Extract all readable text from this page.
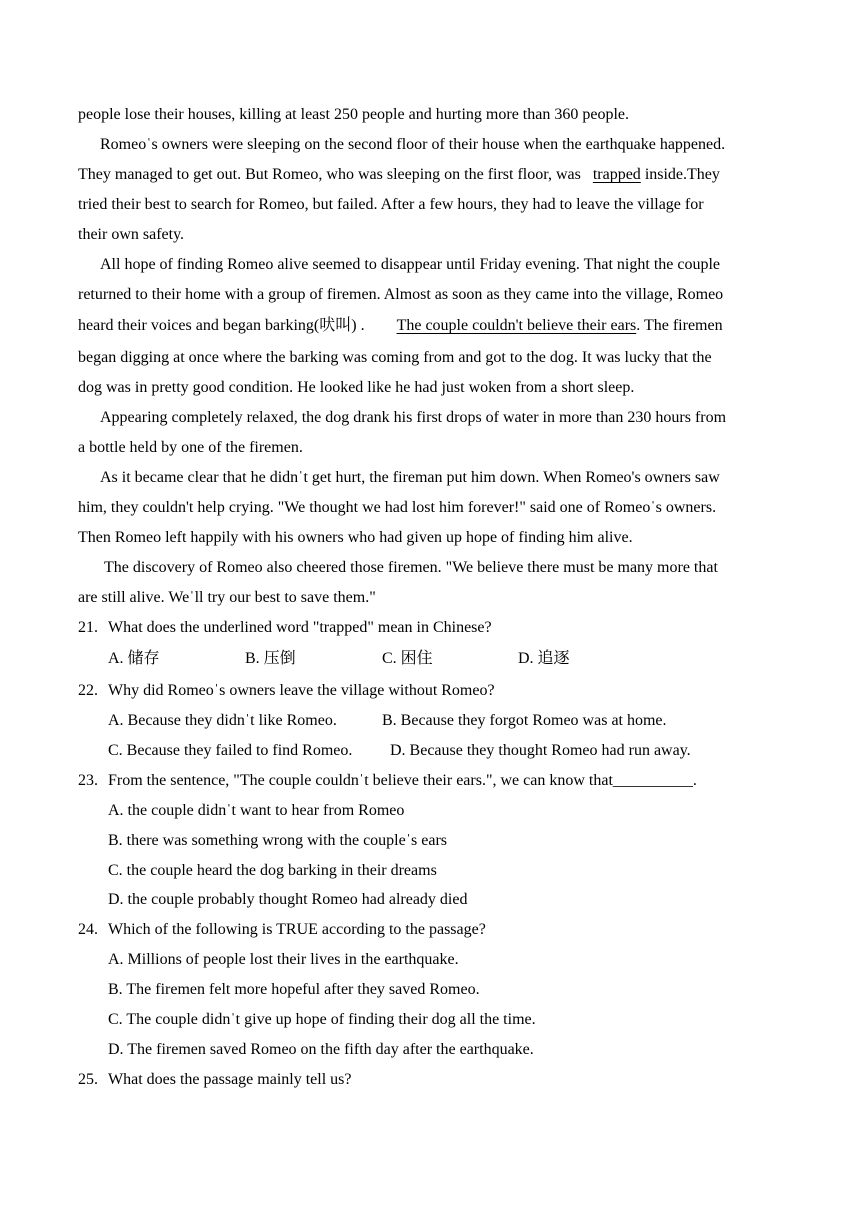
people lose their houses, killing at least 250 people and hurting more than 360 people.
Romeoˈs owners were sleeping on the second floor of their house when the earthquake happened.
They managed to get out. But Romeo, who was sleeping on the first floor, was trapped inside.They
tried their best to search for Romeo, but failed. After a few hours, they had to leave the village for
their own safety.
All hope of finding Romeo alive seemed to disappear until Friday evening. That night the couple
returned to their home with a group of firemen. Almost as soon as they came into the village, Romeo
heard their voices and began barking(吠叫) . The couple couldn't believe their ears. The firemen
began digging at once where the barking was coming from and got to the dog. It was lucky that the
dog was in pretty good condition. He looked like he had just woken from a short sleep.
Appearing completely relaxed, the dog drank his first drops of water in more than 230 hours from
a bottle held by one of the firemen.
As it became clear that he didnˈt get hurt, the fireman put him down. When Romeo's owners saw
him, they couldn't help crying. "We thought we had lost him forever!" said one of Romeoˈs owners.
Then Romeo left happily with his owners who had given up hope of finding him alive.
The discovery of Romeo also cheered those firemen. "We believe there must be many more that
are still alive. Weˈll try our best to save them."
21. What does the underlined word "trapped" mean in Chinese?
A. 储存	B. 压倒	C. 困住	D. 追逐
22. Why did Romeoˈs owners leave the village without Romeo?
A. Because they didnˈt like Romeo.	B. Because they forgot Romeo was at home.
C. Because they failed to find Romeo. D. Because they thought Romeo had run away.
23. From the sentence, "The couple couldnˈt believe their ears.", we can know that__________.
A. the couple didnˈt want to hear from Romeo
B. there was something wrong with the coupleˈs ears
C. the couple heard the dog barking in their dreams
D. the couple probably thought Romeo had already died
24. Which of the following is TRUE according to the passage?
A. Millions of people lost their lives in the earthquake.
B. The firemen felt more hopeful after they saved Romeo.
C. The couple didnˈt give up hope of finding their dog all the time.
D. The firemen saved Romeo on the fifth day after the earthquake.
25. What does the passage mainly tell us?
